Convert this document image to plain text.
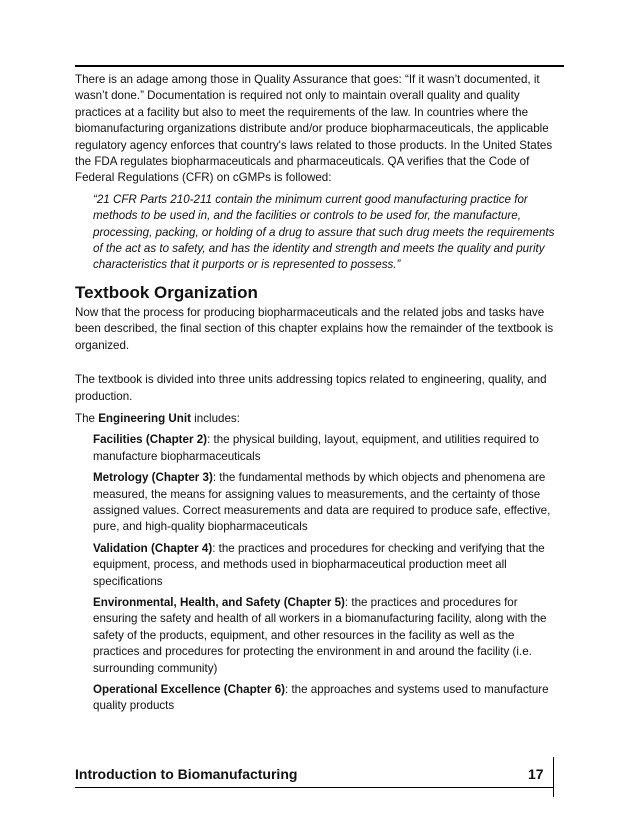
There is an adage among those in Quality Assurance that goes: “If it wasn’t documented, it wasn’t done.” Documentation is required not only to maintain overall quality and quality practices at a facility but also to meet the requirements of the law. In countries where the biomanufacturing organizations distribute and/or produce biopharmaceuticals, the applicable regulatory agency enforces that country's laws related to those products. In the United States the FDA regulates biopharmaceuticals and pharmaceuticals. QA verifies that the Code of Federal Regulations (CFR) on cGMPs is followed:

“21 CFR Parts 210-211 contain the minimum current good manufacturing practice for methods to be used in, and the facilities or controls to be used for, the manufacture, processing, packing, or holding of a drug to assure that such drug meets the requirements of the act as to safety, and has the identity and strength and meets the quality and purity characteristics that it purports or is represented to possess.”

Textbook Organization

Now that the process for producing biopharmaceuticals and the related jobs and tasks have been described, the final section of this chapter explains how the remainder of the textbook is organized.

The textbook is divided into three units addressing topics related to engineering, quality, and production.

The Engineering Unit includes:

Facilities (Chapter 2): the physical building, layout, equipment, and utilities required to manufacture biopharmaceuticals

Metrology (Chapter 3): the fundamental methods by which objects and phenomena are measured, the means for assigning values to measurements, and the certainty of those assigned values. Correct measurements and data are required to produce safe, effective, pure, and high-quality biopharmaceuticals

Validation (Chapter 4): the practices and procedures for checking and verifying that the equipment, process, and methods used in biopharmaceutical production meet all specifications

Environmental, Health, and Safety (Chapter 5): the practices and procedures for ensuring the safety and health of all workers in a biomanufacturing facility, along with the safety of the products, equipment, and other resources in the facility as well as the practices and procedures for protecting the environment in and around the facility (i.e. surrounding community)

Operational Excellence (Chapter 6): the approaches and systems used to manufacture quality products

Introduction to Biomanufacturing	17
